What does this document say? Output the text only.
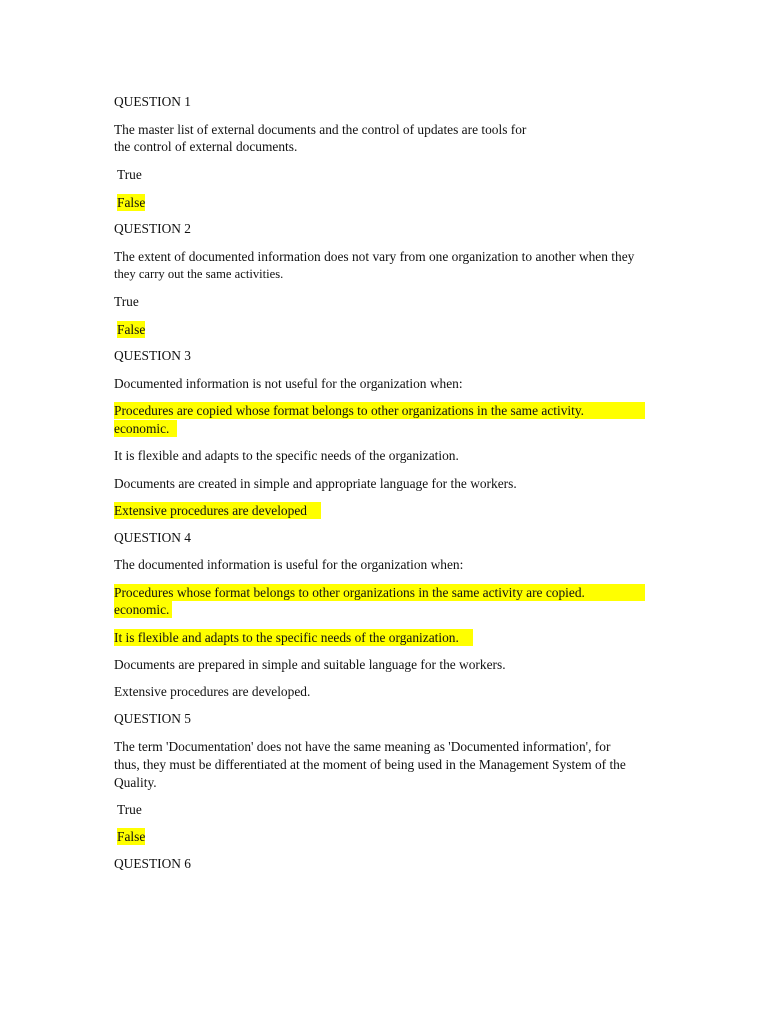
QUESTION 1
The master list of external documents and the control of updates are tools for
the control of external documents.
True
False
QUESTION 2
The extent of documented information does not vary from one organization to another when they
they carry out the same activities.
True
False
QUESTION 3
Documented information is not useful for the organization when:
Procedures are copied whose format belongs to other organizations in the same activity.
economic.
It is flexible and adapts to the specific needs of the organization.
Documents are created in simple and appropriate language for the workers.
Extensive procedures are developed
QUESTION 4
The documented information is useful for the organization when:
Procedures whose format belongs to other organizations in the same activity are copied.
economic.
It is flexible and adapts to the specific needs of the organization.
Documents are prepared in simple and suitable language for the workers.
Extensive procedures are developed.
QUESTION 5
The term 'Documentation' does not have the same meaning as 'Documented information', for
thus, they must be differentiated at the moment of being used in the Management System of the
Quality.
True
False
QUESTION 6
